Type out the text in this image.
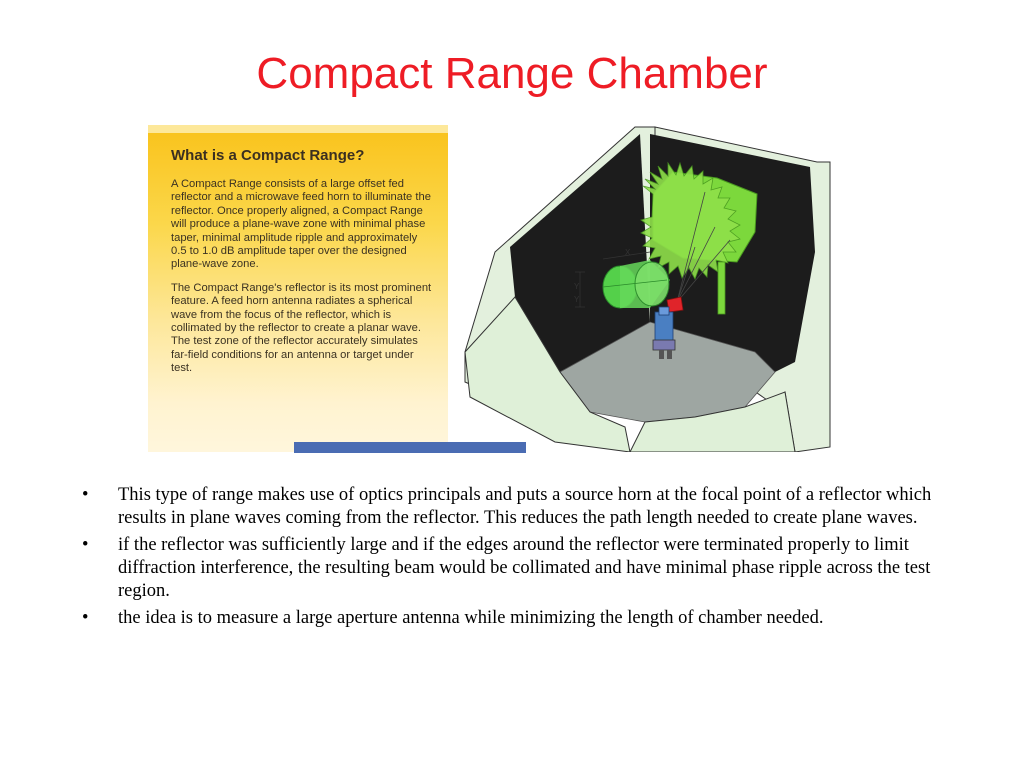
Compact Range Chamber
What is a Compact Range?

A Compact Range consists of a large offset fed reflector and a microwave feed horn to illuminate the reflector. Once properly aligned, a Compact Range will produce a plane-wave zone with minimal phase taper, minimal amplitude ripple and approximately 0.5 to 1.0 dB amplitude taper over the designed plane-wave zone.

The Compact Range's reflector is its most prominent feature. A feed horn antenna radiates a spherical wave from the focus of the reflector, which is collimated by the reflector to create a planar wave. The test zone of the reflector accurately simulates far-field conditions for an antenna or target under test.

X
Y
Y
• This type of range makes use of optics principals and puts a source horn at the focal point of a reflector which results in plane waves coming from the reflector. This reduces the path length needed to create plane waves.
• if the reflector was sufficiently large and if the edges around the reflector were terminated properly to limit diffraction interference, the resulting beam would be collimated and have minimal phase ripple across the test region.
• the idea is to measure a large aperture antenna while minimizing the length of chamber needed.
